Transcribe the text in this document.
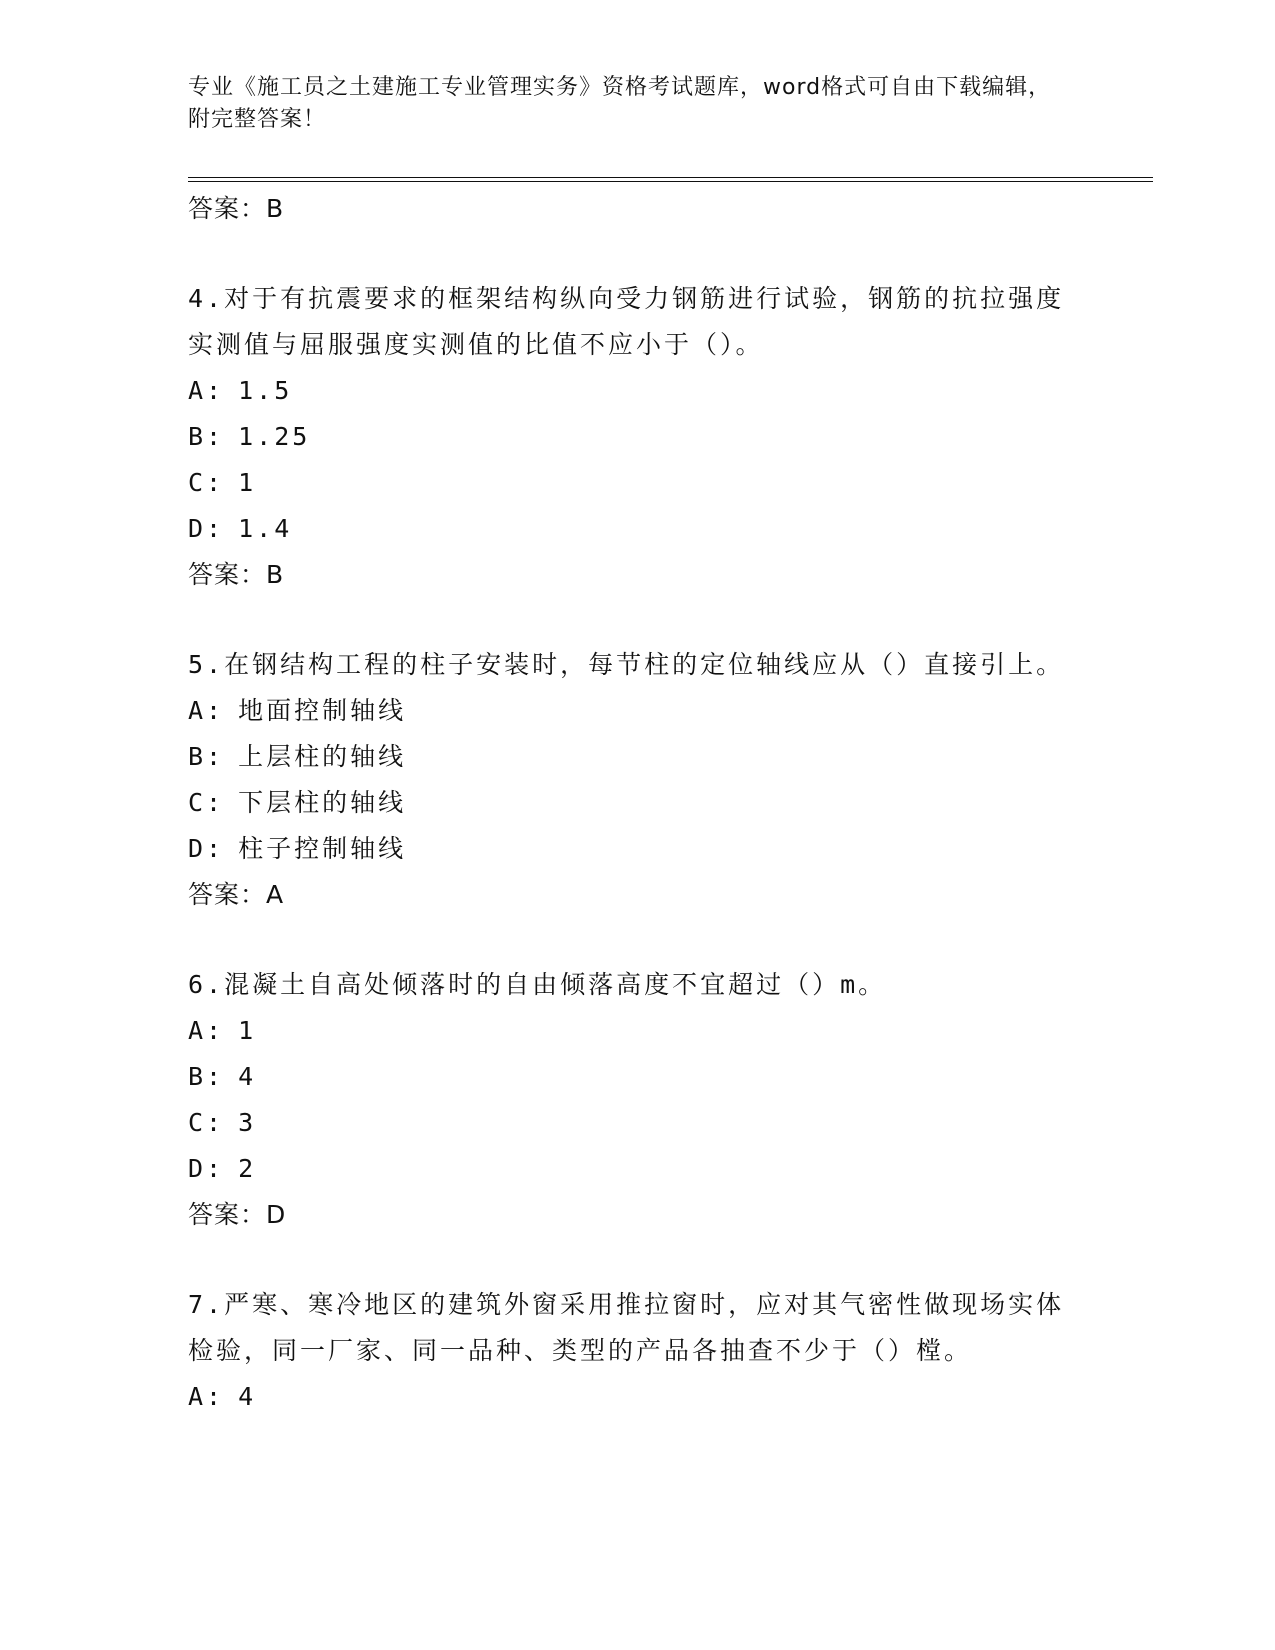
专业《施工员之土建施工专业管理实务》资格考试题库，word格式可自由下载编辑，附完整答案！
答案：B
4.对于有抗震要求的框架结构纵向受力钢筋进行试验，钢筋的抗拉强度实测值与屈服强度实测值的比值不应小于（）。
A: 1.5
B: 1.25
C: 1
D: 1.4
答案：B
5.在钢结构工程的柱子安装时，每节柱的定位轴线应从（）直接引上。
A: 地面控制轴线
B: 上层柱的轴线
C: 下层柱的轴线
D: 柱子控制轴线
答案：A
6.混凝土自高处倾落时的自由倾落高度不宜超过（）m。
A: 1
B: 4
C: 3
D: 2
答案：D
7.严寒、寒冷地区的建筑外窗采用推拉窗时，应对其气密性做现场实体检验，同一厂家、同一品种、类型的产品各抽查不少于（）樘。
A: 4
